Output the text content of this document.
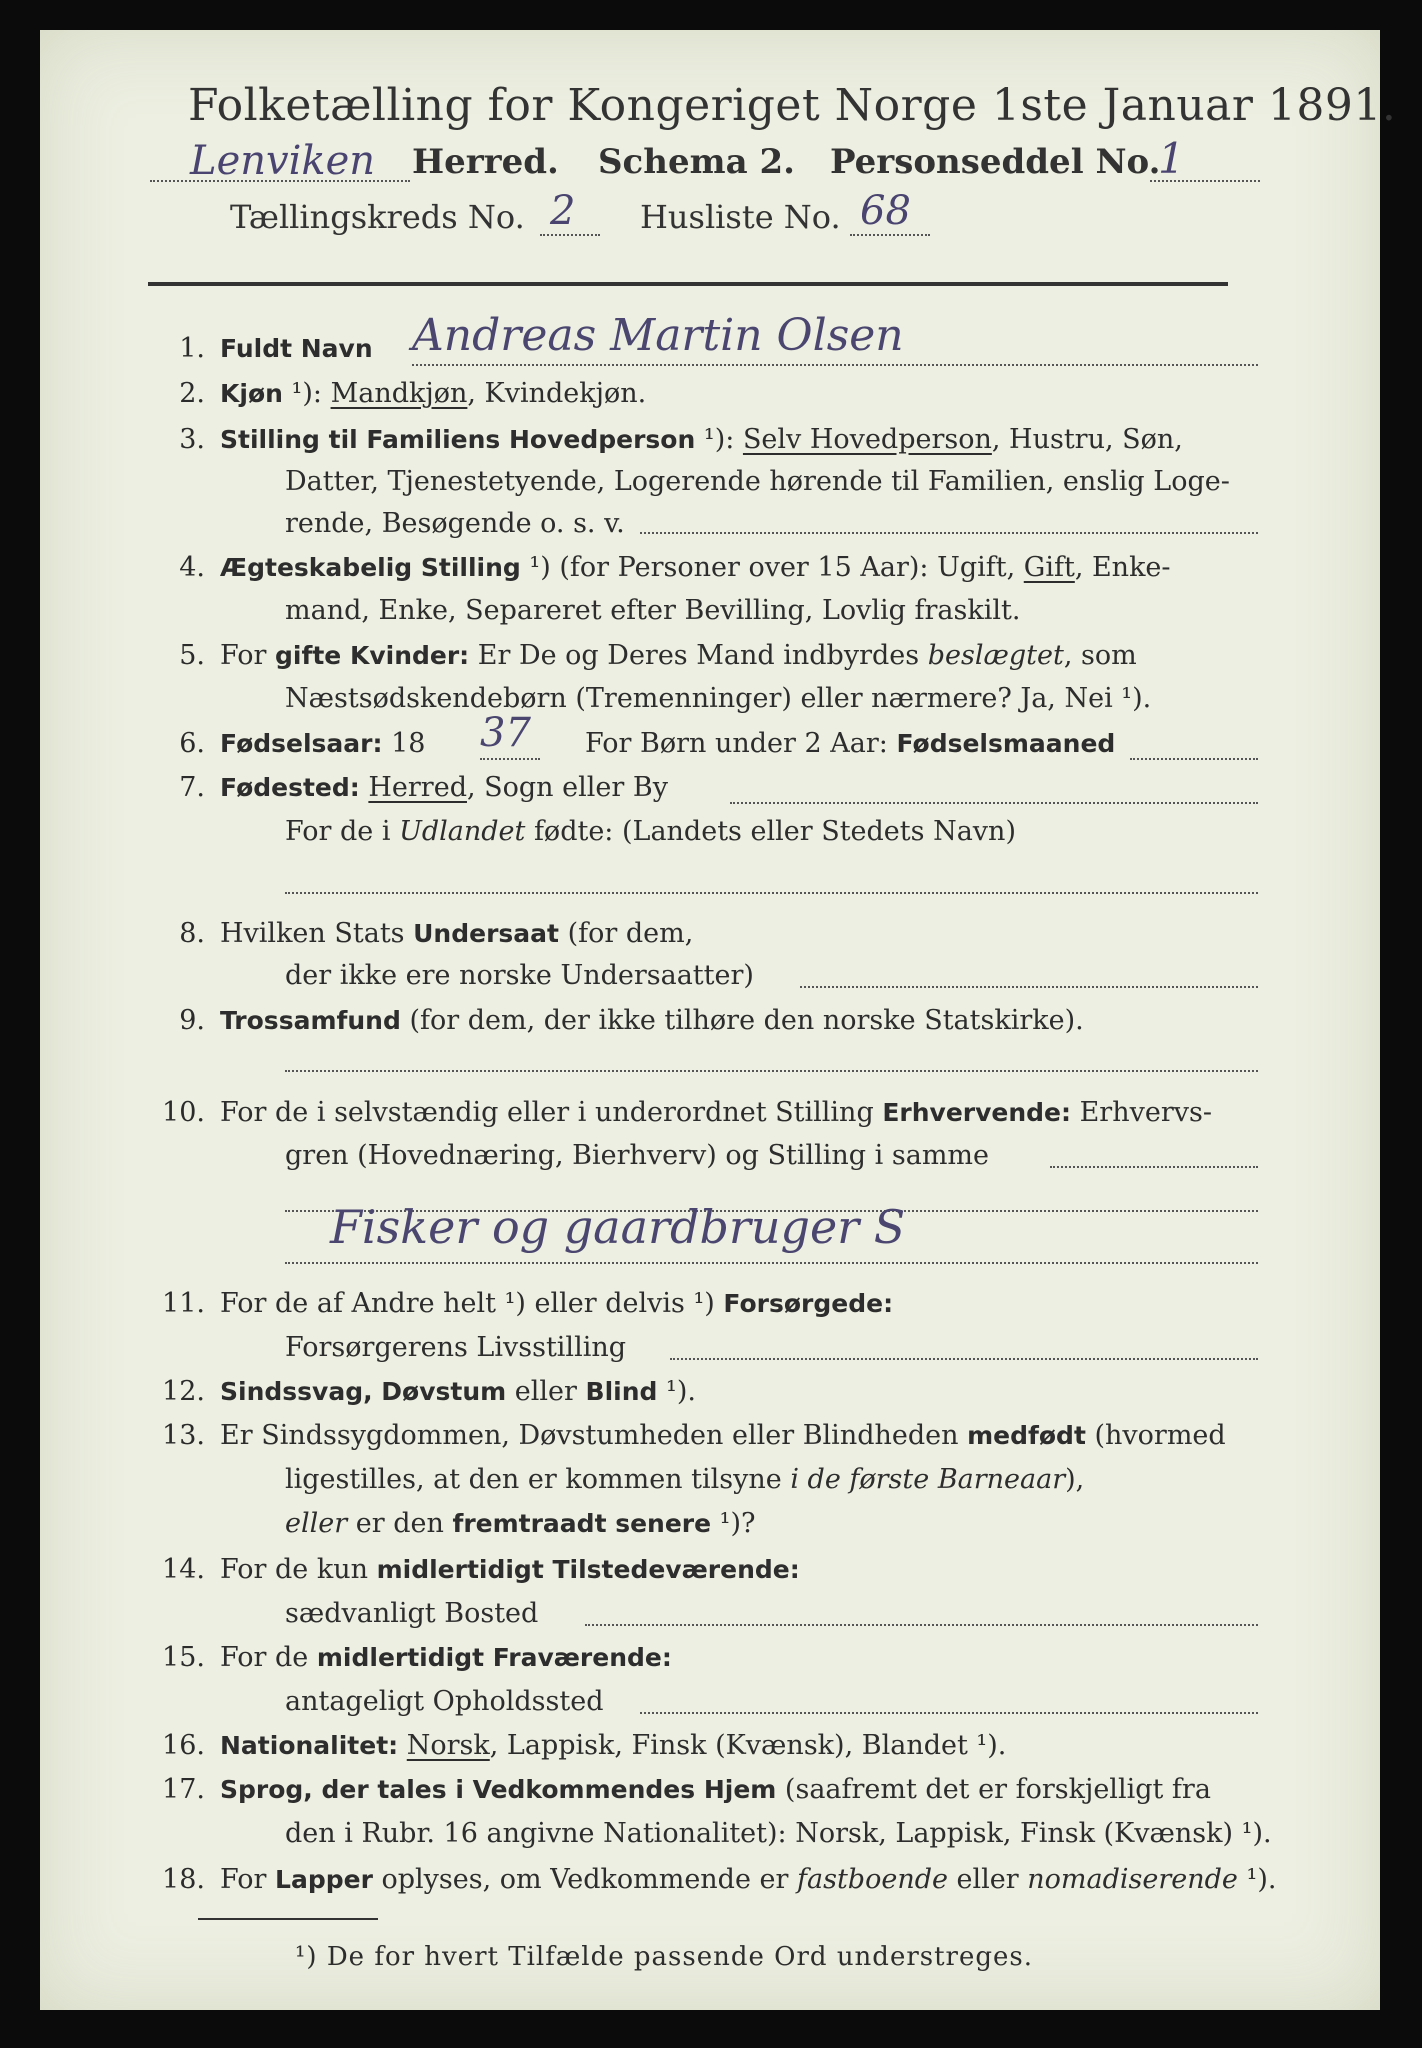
Folketælling for Kongeriget Norge 1ste Januar 1891.
Lenviken Herred. Schema 2. Personseddel No.
1
Tællingskreds No. 2 Husliste No. 68
1. Fuldt Navn Andreas Martin Olsen
2. Kjøn ¹): Mandkjøn, Kvindekjøn.
3. Stilling til Familiens Hovedperson ¹): Selv Hovedperson, Hustru, Søn,
Datter, Tjenestetyende, Logerende hørende til Familien, enslig Loge-
rende, Besøgende o. s. v.
4. Ægteskabelig Stilling ¹) (for Personer over 15 Aar): Ugift, Gift, Enke-
mand, Enke, Separeret efter Bevilling, Lovlig fraskilt.
5. For gifte Kvinder: Er De og Deres Mand indbyrdes beslægtet, som
Næstsødskendebørn (Tremenninger) eller nærmere? Ja, Nei ¹).
6. Fødselsaar: 18 37 For Børn under 2 Aar: Fødselsmaaned
7. Fødested: Herred, Sogn eller By
For de i Udlandet fødte: (Landets eller Stedets Navn)
8. Hvilken Stats Undersaat (for dem,
der ikke ere norske Undersaatter)
9. Trossamfund (for dem, der ikke tilhøre den norske Statskirke).
10. For de i selvstændig eller i underordnet Stilling Erhvervende: Erhvervs-
gren (Hovednæring, Bierhverv) og Stilling i samme
Fisker og gaardbruger S
11. For de af Andre helt ¹) eller delvis ¹) Forsørgede:
Forsørgerens Livsstilling
12. Sindssvag, Døvstum eller Blind ¹).
13. Er Sindssygdommen, Døvstumheden eller Blindheden medfødt (hvormed
ligestilles, at den er kommen tilsyne i de første Barneaar),
eller er den fremtraadt senere ¹)?
14. For de kun midlertidigt Tilstedeværende:
sædvanligt Bosted
15. For de midlertidigt Fraværende:
antageligt Opholdssted
16. Nationalitet: Norsk, Lappisk, Finsk (Kvænsk), Blandet ¹).
17. Sprog, der tales i Vedkommendes Hjem (saafremt det er forskjelligt fra
den i Rubr. 16 angivne Nationalitet): Norsk, Lappisk, Finsk (Kvænsk) ¹).
18. For Lapper oplyses, om Vedkommende er fastboende eller nomadiserende ¹).
¹) De for hvert Tilfælde passende Ord understreges.
